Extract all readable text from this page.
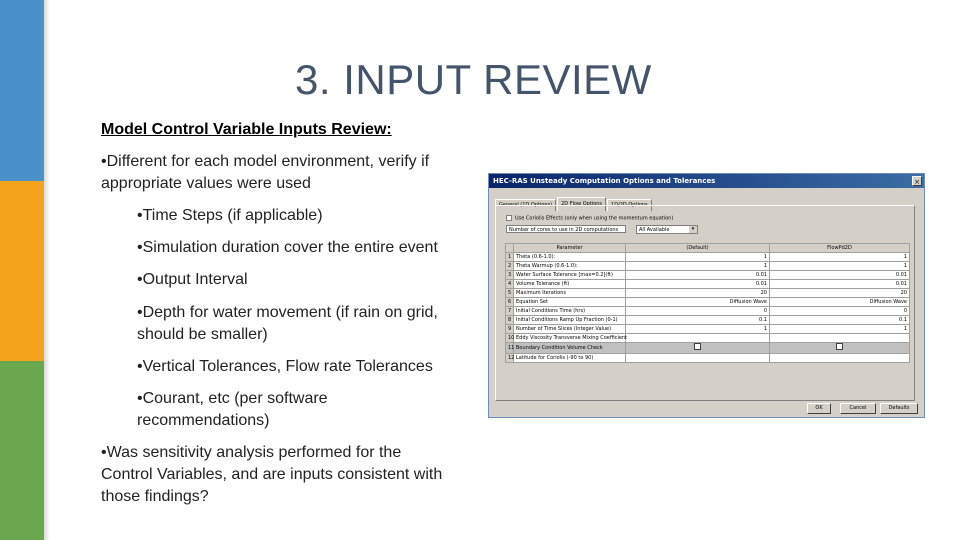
3. INPUT REVIEW
Model Control Variable Inputs Review:
•Different for each model environment, verify if
appropriate values were used
•Time Steps (if applicable)
•Simulation duration cover the entire event
•Output Interval
•Depth for water movement (if rain on grid,
should be smaller)
•Vertical Tolerances, Flow rate Tolerances
•Courant, etc (per software
recommendations)
•Was sensitivity analysis performed for the
Control Variables, and are inputs consistent with
those findings?
HEC-RAS Unsteady Computation Options and Tolerances	×
General (1D Options) 2D Flow Options 1D/2D Options
Use Coriolis Effects (only when using the momentum equation)
Number of cores to use in 2D computations	All Available	▾
	Parameter	(Default)	FlowPd2D
1	Theta (0.6-1.0):	1	1
2	Theta Warmup (0.6-1.0):	1	1
3	Water Surface Tolerance [max=0.2](ft)	0.01	0.01
4	Volume Tolerance (ft)	0.01	0.01
5	Maximum Iterations	20	20
6	Equation Set	Diffusion Wave	Diffusion Wave
7	Initial Conditions Time (hrs)	0	0
8	Initial Conditions Ramp Up Fraction (0-1)	0.1	0.1
9	Number of Time Slices (Integer Value)	1	1
10	Eddy Viscosity Transverse Mixing Coefficient		
11	Boundary Condition Volume Check		
12	Latitude for Coriolis (-90 to 90)		
OK	Cancel	Defaults
